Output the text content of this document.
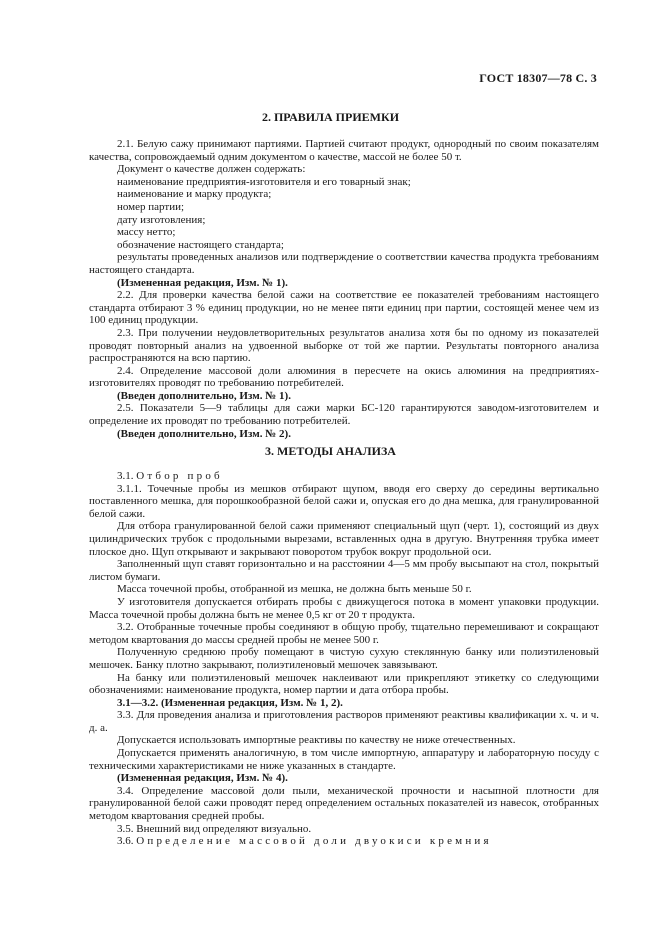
ГОСТ 18307—78 С. 3
2. ПРАВИЛА ПРИЕМКИ

2.1. Белую сажу принимают партиями. Партией считают продукт, однородный по своим показателям качества, сопровождаемый одним документом о качестве, массой не более 50 т.

Документ о качестве должен содержать:

наименование предприятия-изготовителя и его товарный знак;

наименование и марку продукта;

номер партии;

дату изготовления;

массу нетто;

обозначение настоящего стандарта;

результаты проведенных анализов или подтверждение о соответствии качества продукта требованиям настоящего стандарта.

(Измененная редакция, Изм. № 1).

2.2. Для проверки качества белой сажи на соответствие ее показателей требованиям настоящего стандарта отбирают 3 % единиц продукции, но не менее пяти единиц при партии, состоящей менее чем из 100 единиц продукции.

2.3. При получении неудовлетворительных результатов анализа хотя бы по одному из показателей проводят повторный анализ на удвоенной выборке от той же партии. Результаты повторного анализа распространяются на всю партию.

2.4. Определение массовой доли алюминия в пересчете на окись алюминия на предприятиях-изготовителях проводят по требованию потребителей.

(Введен дополнительно, Изм. № 1).

2.5. Показатели 5—9 таблицы для сажи марки БС-120 гарантируются заводом-изготовителем и определение их проводят по требованию потребителей.

(Введен дополнительно, Изм. № 2).

3. МЕТОДЫ АНАЛИЗА

3.1. Отбор проб

3.1.1. Точечные пробы из мешков отбирают щупом, вводя его сверху до середины вертикально поставленного мешка, для порошкообразной белой сажи и, опуская его до дна мешка, для гранулированной белой сажи.

Для отбора гранулированной белой сажи применяют специальный щуп (черт. 1), состоящий из двух цилиндрических трубок с продольными вырезами, вставленных одна в другую. Внутренняя трубка имеет плоское дно. Щуп открывают и закрывают поворотом трубок вокруг продольной оси.

Заполненный щуп ставят горизонтально и на расстоянии 4—5 мм пробу высыпают на стол, покрытый листом бумаги.

Масса точечной пробы, отобранной из мешка, не должна быть меньше 50 г.

У изготовителя допускается отбирать пробы с движущегося потока в момент упаковки продукции. Масса точечной пробы должна быть не менее 0,5 кг от 20 т продукта.

3.2. Отобранные точечные пробы соединяют в общую пробу, тщательно перемешивают и сокращают методом квартования до массы средней пробы не менее 500 г.

Полученную среднюю пробу помещают в чистую сухую стеклянную банку или полиэтиленовый мешочек. Банку плотно закрывают, полиэтиленовый мешочек завязывают.

На банку или полиэтиленовый мешочек наклеивают или прикрепляют этикетку со следующими обозначениями: наименование продукта, номер партии и дата отбора пробы.

3.1—3.2. (Измененная редакция, Изм. № 1, 2).

3.3. Для проведения анализа и приготовления растворов применяют реактивы квалификации х. ч. и ч. д. а.

Допускается использовать импортные реактивы по качеству не ниже отечественных.

Допускается применять аналогичную, в том числе импортную, аппаратуру и лабораторную посуду с техническими характеристиками не ниже указанных в стандарте.

(Измененная редакция, Изм. № 4).

3.4. Определение массовой доли пыли, механической прочности и насыпной плотности для гранулированной белой сажи проводят перед определением остальных показателей из навесок, отобранных методом квартования средней пробы.

3.5. Внешний вид определяют визуально.

3.6. Определение массовой доли двуокиси кремния
